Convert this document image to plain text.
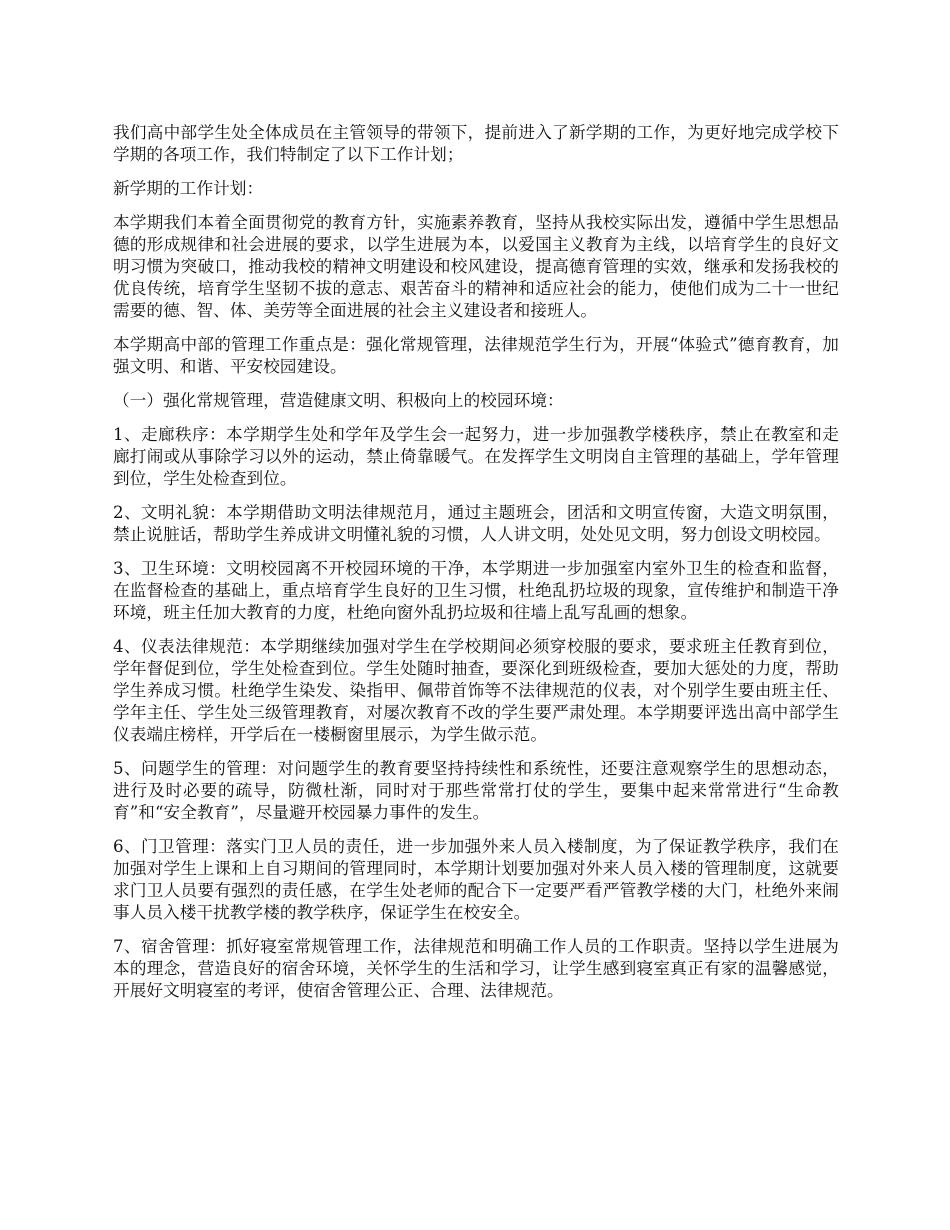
我们高中部学生处全体成员在主管领导的带领下，提前进入了新学期的工作，为更好地完成学校下学期的各项工作，我们特制定了以下工作计划；

新学期的工作计划：

本学期我们本着全面贯彻党的教育方针，实施素养教育，坚持从我校实际出发，遵循中学生思想品德的形成规律和社会进展的要求，以学生进展为本，以爱国主义教育为主线，以培育学生的良好文明习惯为突破口，推动我校的精神文明建设和校风建设，提高德育管理的实效，继承和发扬我校的优良传统，培育学生坚韧不拔的意志、艰苦奋斗的精神和适应社会的能力，使他们成为二十一世纪需要的德、智、体、美劳等全面进展的社会主义建设者和接班人。

本学期高中部的管理工作重点是：强化常规管理，法律规范学生行为，开展“体验式”德育教育，加强文明、和谐、平安校园建设。

（一）强化常规管理，营造健康文明、积极向上的校园环境：

1、走廊秩序：本学期学生处和学年及学生会一起努力，进一步加强教学楼秩序，禁止在教室和走廊打闹或从事除学习以外的运动，禁止倚靠暖气。在发挥学生文明岗自主管理的基础上，学年管理到位，学生处检查到位。

2、文明礼貌：本学期借助文明法律规范月，通过主题班会，团活和文明宣传窗，大造文明氛围，禁止说脏话，帮助学生养成讲文明懂礼貌的习惯，人人讲文明，处处见文明，努力创设文明校园。

3、卫生环境：文明校园离不开校园环境的干净，本学期进一步加强室内室外卫生的检查和监督，在监督检查的基础上，重点培育学生良好的卫生习惯，杜绝乱扔垃圾的现象，宣传维护和制造干净环境，班主任加大教育的力度，杜绝向窗外乱扔垃圾和往墙上乱写乱画的想象。

4、仪表法律规范：本学期继续加强对学生在学校期间必须穿校服的要求，要求班主任教育到位，学年督促到位，学生处检查到位。学生处随时抽查，要深化到班级检查，要加大惩处的力度，帮助学生养成习惯。杜绝学生染发、染指甲、佩带首饰等不法律规范的仪表，对个别学生要由班主任、学年主任、学生处三级管理教育，对屡次教育不改的学生要严肃处理。本学期要评选出高中部学生仪表端庄榜样，开学后在一楼橱窗里展示，为学生做示范。

5、问题学生的管理：对问题学生的教育要坚持持续性和系统性，还要注意观察学生的思想动态，进行及时必要的疏导，防微杜渐，同时对于那些常常打仗的学生，要集中起来常常进行“生命教育”和“安全教育”，尽量避开校园暴力事件的发生。

6、门卫管理：落实门卫人员的责任，进一步加强外来人员入楼制度，为了保证教学秩序，我们在加强对学生上课和上自习期间的管理同时，本学期计划要加强对外来人员入楼的管理制度，这就要求门卫人员要有强烈的责任感，在学生处老师的配合下一定要严看严管教学楼的大门，杜绝外来闹事人员入楼干扰教学楼的教学秩序，保证学生在校安全。

7、宿舍管理：抓好寝室常规管理工作，法律规范和明确工作人员的工作职责。坚持以学生进展为本的理念，营造良好的宿舍环境，关怀学生的生活和学习，让学生感到寝室真正有家的温馨感觉，开展好文明寝室的考评，使宿舍管理公正、合理、法律规范。
